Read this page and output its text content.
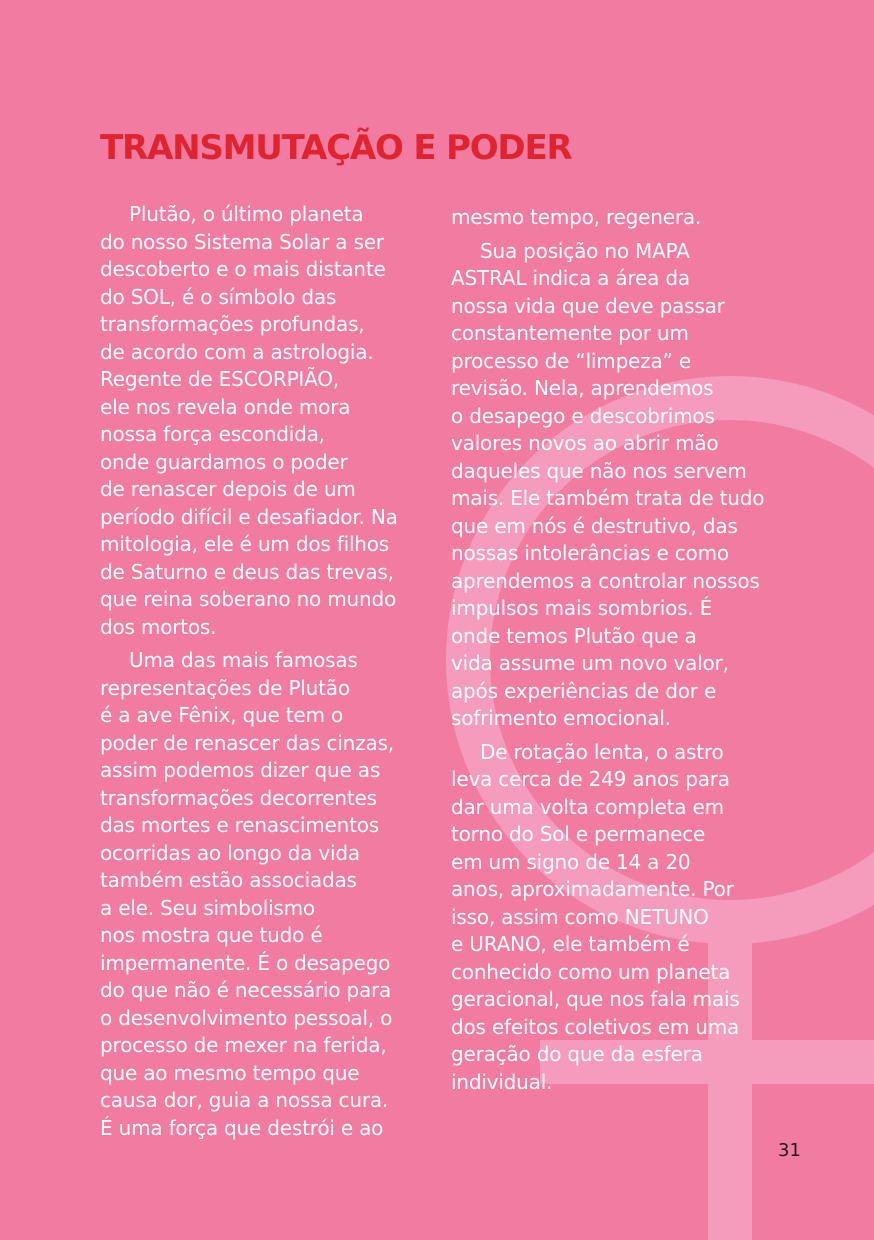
TRANSMUTAÇÃO E PODER
Plutão, o último planeta
do nosso Sistema Solar a ser
descoberto e o mais distante
do SOL, é o símbolo das
transformações profundas,
de acordo com a astrologia.
Regente de ESCORPIÃO,
ele nos revela onde mora
nossa força escondida,
onde guardamos o poder
de renascer depois de um
período difícil e desafiador. Na
mitologia, ele é um dos filhos
de Saturno e deus das trevas,
que reina soberano no mundo
dos mortos.
Uma das mais famosas
representações de Plutão
é a ave Fênix, que tem o
poder de renascer das cinzas,
assim podemos dizer que as
transformações decorrentes
das mortes e renascimentos
ocorridas ao longo da vida
também estão associadas
a ele. Seu simbolismo
nos mostra que tudo é
impermanente. É o desapego
do que não é necessário para
o desenvolvimento pessoal, o
processo de mexer na ferida,
que ao mesmo tempo que
causa dor, guia a nossa cura.
É uma força que destrói e ao
mesmo tempo, regenera.
Sua posição no MAPA
ASTRAL indica a área da
nossa vida que deve passar
constantemente por um
processo de “limpeza” e
revisão. Nela, aprendemos
o desapego e descobrimos
valores novos ao abrir mão
daqueles que não nos servem
mais. Ele também trata de tudo
que em nós é destrutivo, das
nossas intolerâncias e como
aprendemos a controlar nossos
impulsos mais sombrios. É
onde temos Plutão que a
vida assume um novo valor,
após experiências de dor e
sofrimento emocional.
De rotação lenta, o astro
leva cerca de 249 anos para
dar uma volta completa em
torno do Sol e permanece
em um signo de 14 a 20
anos, aproximadamente. Por
isso, assim como NETUNO
e URANO, ele também é
conhecido como um planeta
geracional, que nos fala mais
dos efeitos coletivos em uma
geração do que da esfera
individual.
31
